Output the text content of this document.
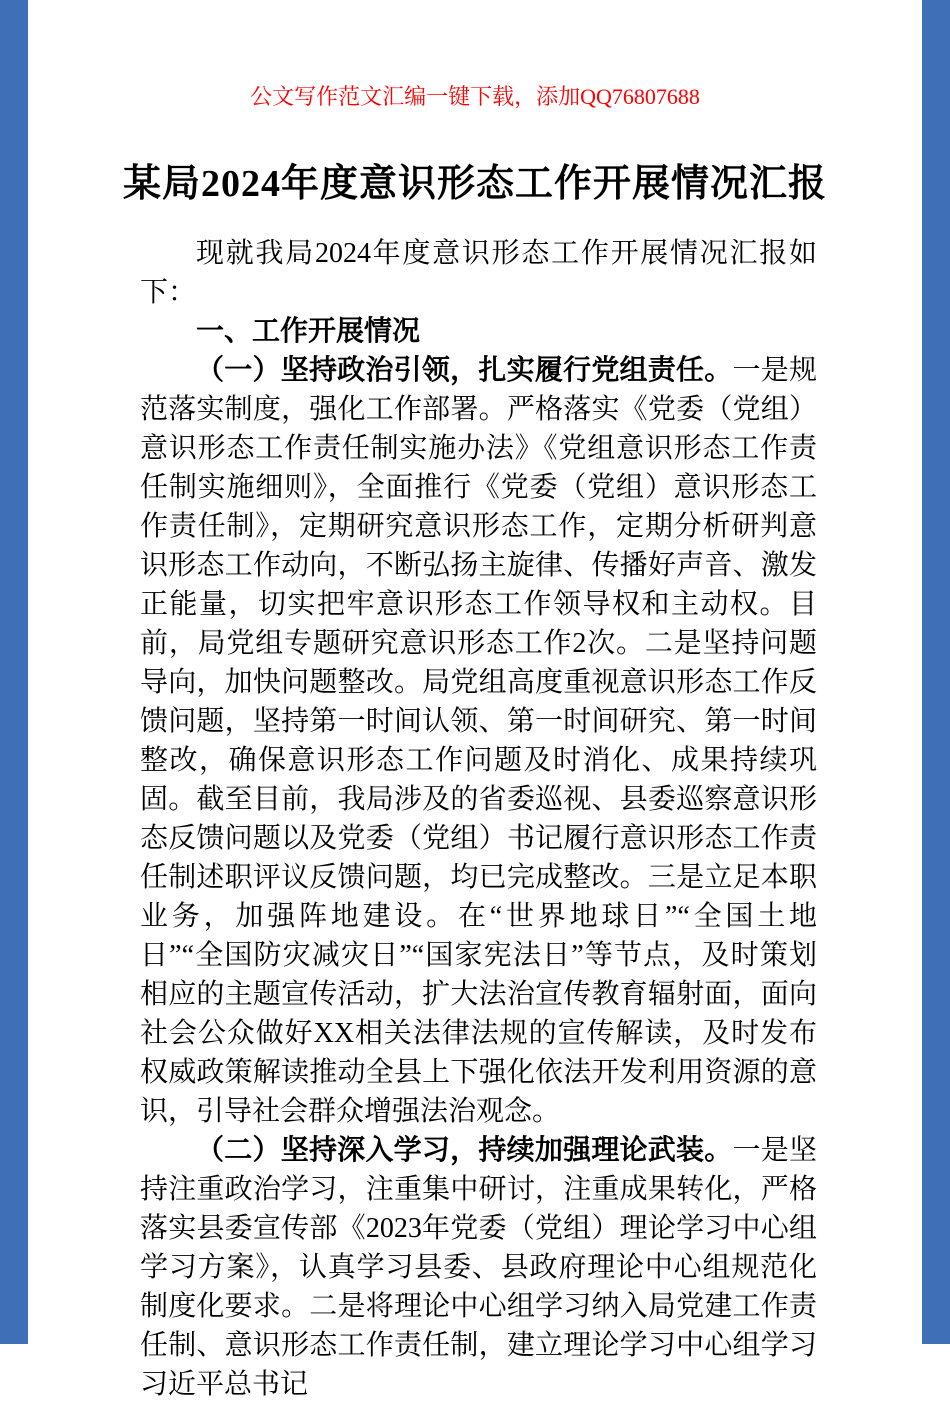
公文写作范文汇编一键下载，添加QQ76807688
某局2024年度意识形态工作开展情况汇报

现就我局2024年度意识形态工作开展情况汇报如下：

一、工作开展情况

（一）坚持政治引领，扎实履行党组责任。一是规范落实制度，强化工作部署。严格落实《党委（党组）意识形态工作责任制实施办法》《党组意识形态工作责任制实施细则》，全面推行《党委（党组）意识形态工作责任制》，定期研究意识形态工作，定期分析研判意识形态工作动向，不断弘扬主旋律、传播好声音、激发正能量，切实把牢意识形态工作领导权和主动权。目前，局党组专题研究意识形态工作2次。二是坚持问题导向，加快问题整改。局党组高度重视意识形态工作反馈问题，坚持第一时间认领、第一时间研究、第一时间整改，确保意识形态工作问题及时消化、成果持续巩固。截至目前，我局涉及的省委巡视、县委巡察意识形态反馈问题以及党委（党组）书记履行意识形态工作责任制述职评议反馈问题，均已完成整改。三是立足本职业务，加强阵地建设。在“世界地球日”“全国土地日”“全国防灾减灾日”“国家宪法日”等节点，及时策划相应的主题宣传活动，扩大法治宣传教育辐射面，面向社会公众做好XX相关法律法规的宣传解读，及时发布权威政策解读推动全县上下强化依法开发利用资源的意识，引导社会群众增强法治观念。

（二）坚持深入学习，持续加强理论武装。一是坚持注重政治学习，注重集中研讨，注重成果转化，严格落实县委宣传部《2023年党委（党组）理论学习中心组学习方案》，认真学习县委、县政府理论中心组规范化制度化要求。二是将理论中心组学习纳入局党建工作责任制、意识形态工作责任制，建立理论学习中心组学习习近平总书记
